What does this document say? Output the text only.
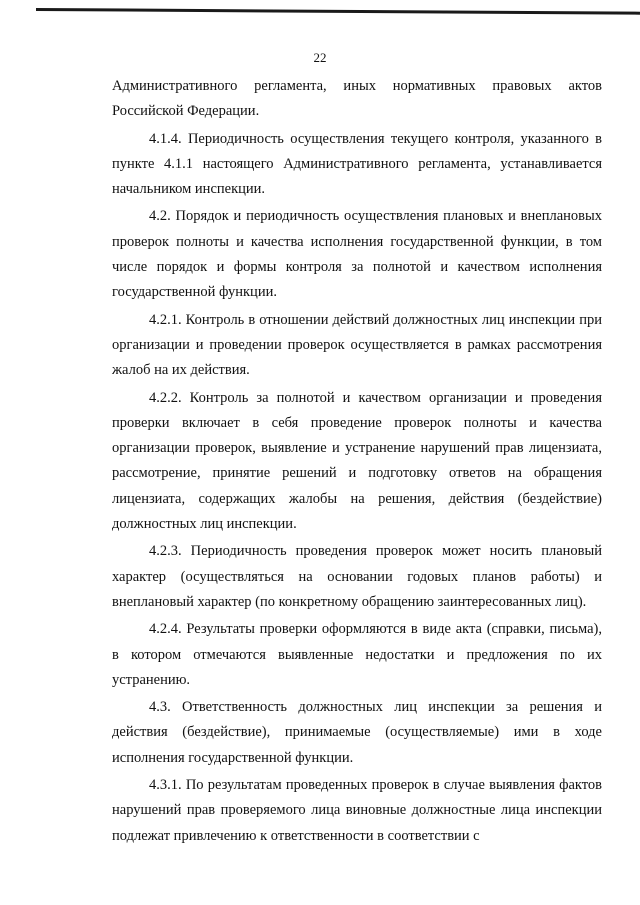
22

Административного регламента, иных нормативных правовых актов Российской Федерации.

4.1.4. Периодичность осуществления текущего контроля, указанного в пункте 4.1.1 настоящего Административного регламента, устанавливается начальником инспекции.

4.2. Порядок и периодичность осуществления плановых и внеплановых проверок полноты и качества исполнения государственной функции, в том числе порядок и формы контроля за полнотой и качеством исполнения государственной функции.

4.2.1. Контроль в отношении действий должностных лиц инспекции при организации и проведении проверок осуществляется в рамках рассмотрения жалоб на их действия.

4.2.2. Контроль за полнотой и качеством организации и проведения проверки включает в себя проведение проверок полноты и качества организации проверок, выявление и устранение нарушений прав лицензиата, рассмотрение, принятие решений и подготовку ответов на обращения лицензиата, содержащих жалобы на решения, действия (бездействие) должностных лиц инспекции.

4.2.3. Периодичность проведения проверок может носить плановый характер (осуществляться на основании годовых планов работы) и внеплановый характер (по конкретному обращению заинтересованных лиц).

4.2.4. Результаты проверки оформляются в виде акта (справки, письма), в котором отмечаются выявленные недостатки и предложения по их устранению.

4.3. Ответственность должностных лиц инспекции за решения и действия (бездействие), принимаемые (осуществляемые) ими в ходе исполнения государственной функции.

4.3.1. По результатам проведенных проверок в случае выявления фактов нарушений прав проверяемого лица виновные должностные лица инспекции подлежат привлечению к ответственности в соответствии с
